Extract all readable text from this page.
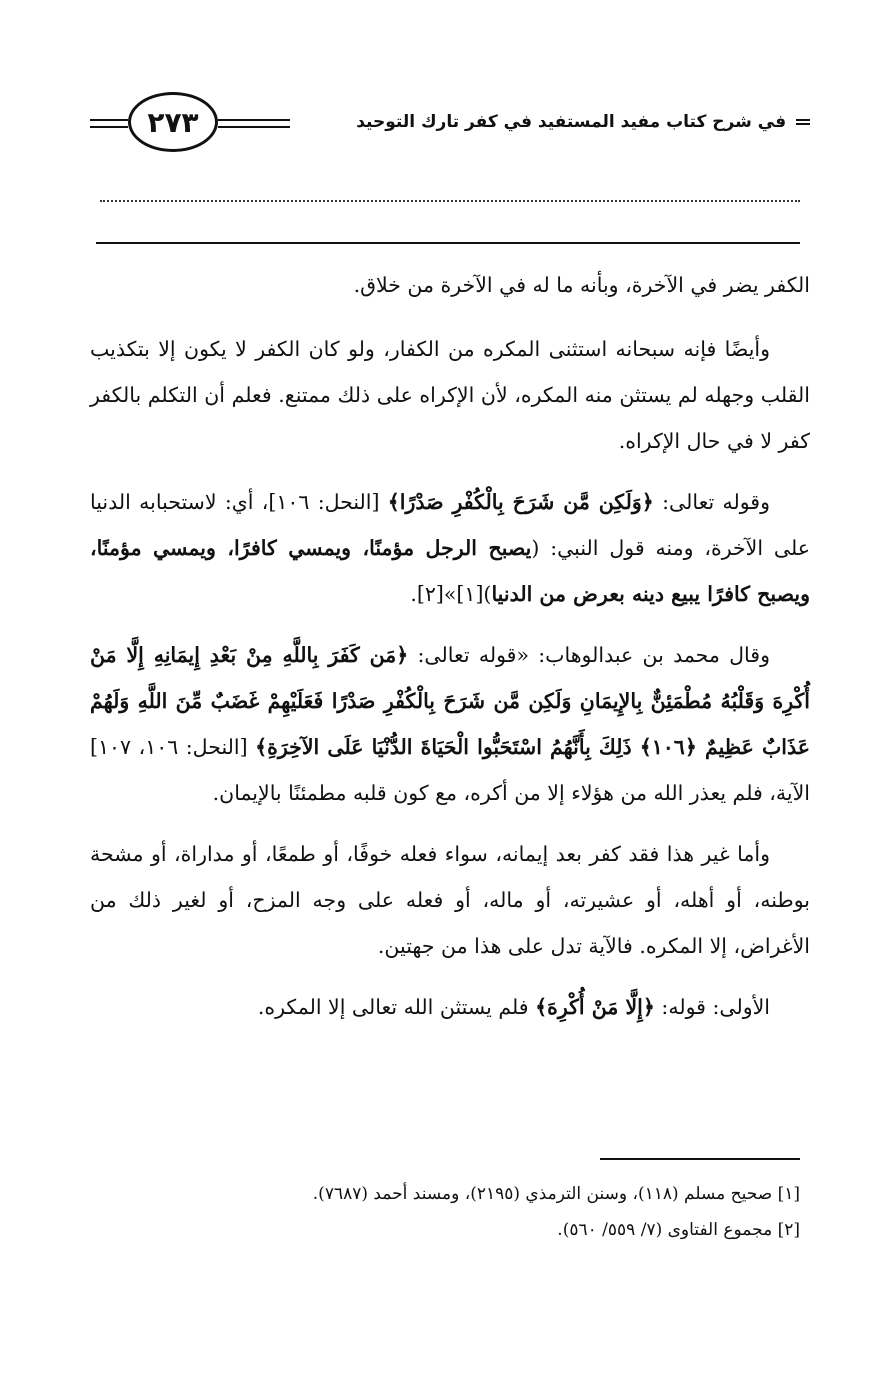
٢٧٣	في شرح كتاب مفيد المستفيد في كفر تارك التوحيد

الكفر يضر في الآخرة، وبأنه ما له في الآخرة من خلاق.

وأيضًا فإنه سبحانه استثنى المكره من الكفار، ولو كان الكفر لا يكون إلا بتكذيب القلب وجهله لم يستثن منه المكره، لأن الإكراه على ذلك ممتنع. فعلم أن التكلم بالكفر كفر لا في حال الإكراه.

وقوله تعالى: ﴿وَلَكِن مَّن شَرَحَ بِالْكُفْرِ صَدْرًا﴾ [النحل: ١٠٦]، أي: لاستحبابه الدنيا على الآخرة، ومنه قول النبي: (يصبح الرجل مؤمنًا، ويمسي كافرًا، ويمسي مؤمنًا، ويصبح كافرًا يبيع دينه بعرض من الدنيا)[١]»[٢].

وقال محمد بن عبدالوهاب: «قوله تعالى: ﴿مَن كَفَرَ بِاللَّهِ مِنْ بَعْدِ إِيمَانِهِ إِلَّا مَنْ أُكْرِهَ وَقَلْبُهُ مُطْمَئِنٌّ بِالإِيمَانِ وَلَكِن مَّن شَرَحَ بِالْكُفْرِ صَدْرًا فَعَلَيْهِمْ غَضَبٌ مِّنَ اللَّهِ وَلَهُمْ عَذَابٌ عَظِيمٌ ﴿١٠٦﴾ ذَلِكَ بِأَنَّهُمُ اسْتَحَبُّوا الْحَيَاةَ الدُّنْيَا عَلَى الآخِرَةِ﴾ [النحل: ١٠٦، ١٠٧] الآية، فلم يعذر الله من هؤلاء إلا من أكره، مع كون قلبه مطمئنًا بالإيمان.

وأما غير هذا فقد كفر بعد إيمانه، سواء فعله خوفًا، أو طمعًا، أو مداراة، أو مشحة بوطنه، أو أهله، أو عشيرته، أو ماله، أو فعله على وجه المزح، أو لغير ذلك من الأغراض، إلا المكره. فالآية تدل على هذا من جهتين.

الأولى: قوله: ﴿إِلَّا مَنْ أُكْرِهَ﴾ فلم يستثن الله تعالى إلا المكره.

[١] صحيح مسلم (١١٨)، وسنن الترمذي (٢١٩٥)، ومسند أحمد (٧٦٨٧).
[٢] مجموع الفتاوى (٧/ ٥٥٩/ ٥٦٠).
